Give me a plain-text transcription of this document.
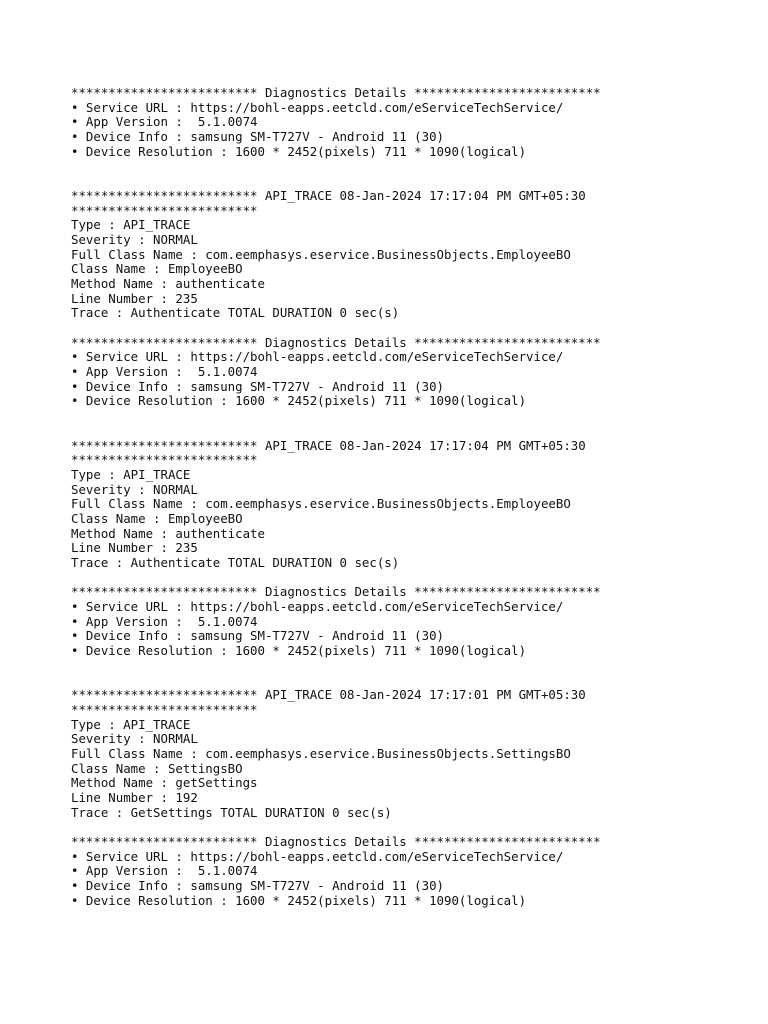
************************* Diagnostics Details *************************
• Service URL : https://bohl-eapps.eetcld.com/eServiceTechService/
• App Version :  5.1.0074
• Device Info : samsung SM-T727V - Android 11 (30)
• Device Resolution : 1600 * 2452(pixels) 711 * 1090(logical)
************************* API_TRACE 08-Jan-2024 17:17:04 PM GMT+05:30
*************************
Type : API_TRACE
Severity : NORMAL
Full Class Name : com.eemphasys.eservice.BusinessObjects.EmployeeBO
Class Name : EmployeeBO
Method Name : authenticate
Line Number : 235
Trace : Authenticate TOTAL DURATION 0 sec(s)
************************* Diagnostics Details *************************
• Service URL : https://bohl-eapps.eetcld.com/eServiceTechService/
• App Version :  5.1.0074
• Device Info : samsung SM-T727V - Android 11 (30)
• Device Resolution : 1600 * 2452(pixels) 711 * 1090(logical)
************************* API_TRACE 08-Jan-2024 17:17:04 PM GMT+05:30
*************************
Type : API_TRACE
Severity : NORMAL
Full Class Name : com.eemphasys.eservice.BusinessObjects.EmployeeBO
Class Name : EmployeeBO
Method Name : authenticate
Line Number : 235
Trace : Authenticate TOTAL DURATION 0 sec(s)
************************* Diagnostics Details *************************
• Service URL : https://bohl-eapps.eetcld.com/eServiceTechService/
• App Version :  5.1.0074
• Device Info : samsung SM-T727V - Android 11 (30)
• Device Resolution : 1600 * 2452(pixels) 711 * 1090(logical)
************************* API_TRACE 08-Jan-2024 17:17:01 PM GMT+05:30
*************************
Type : API_TRACE
Severity : NORMAL
Full Class Name : com.eemphasys.eservice.BusinessObjects.SettingsBO
Class Name : SettingsBO
Method Name : getSettings
Line Number : 192
Trace : GetSettings TOTAL DURATION 0 sec(s)
************************* Diagnostics Details *************************
• Service URL : https://bohl-eapps.eetcld.com/eServiceTechService/
• App Version :  5.1.0074
• Device Info : samsung SM-T727V - Android 11 (30)
• Device Resolution : 1600 * 2452(pixels) 711 * 1090(logical)
